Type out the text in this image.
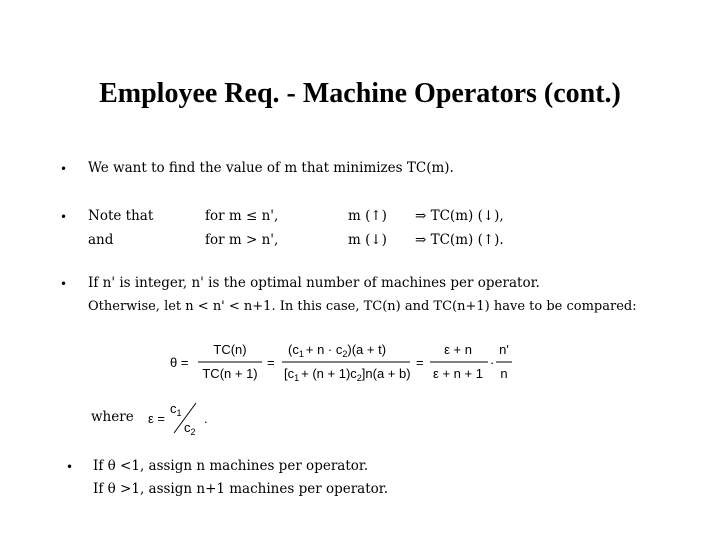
Employee Req. - Machine Operators (cont.)
• We want to find the value of m that minimizes TC(m).
• Note that	for m ≤ n',	m (↑) ⇒ TC(m) (↓),
and	for m > n',	m (↓) ⇒ TC(m) (↑).
• If n' is integer, n' is the optimal number of machines per operator.
Otherwise, let n < n' < n+1. In this case, TC(n) and TC(n+1) have to be compared:
θ =
TC(n)
TC(n + 1)
=
$(c_1 + n \cdot c_2)(a + t)$
$[c_1 + (n + 1)c_2]n(a + b)$
=
ε + n
ε + n + 1
·
n'
n
where ε =
$c_1$
$c_2$
.
• If θ <1, assign n machines per operator.
If θ >1, assign n+1 machines per operator.
